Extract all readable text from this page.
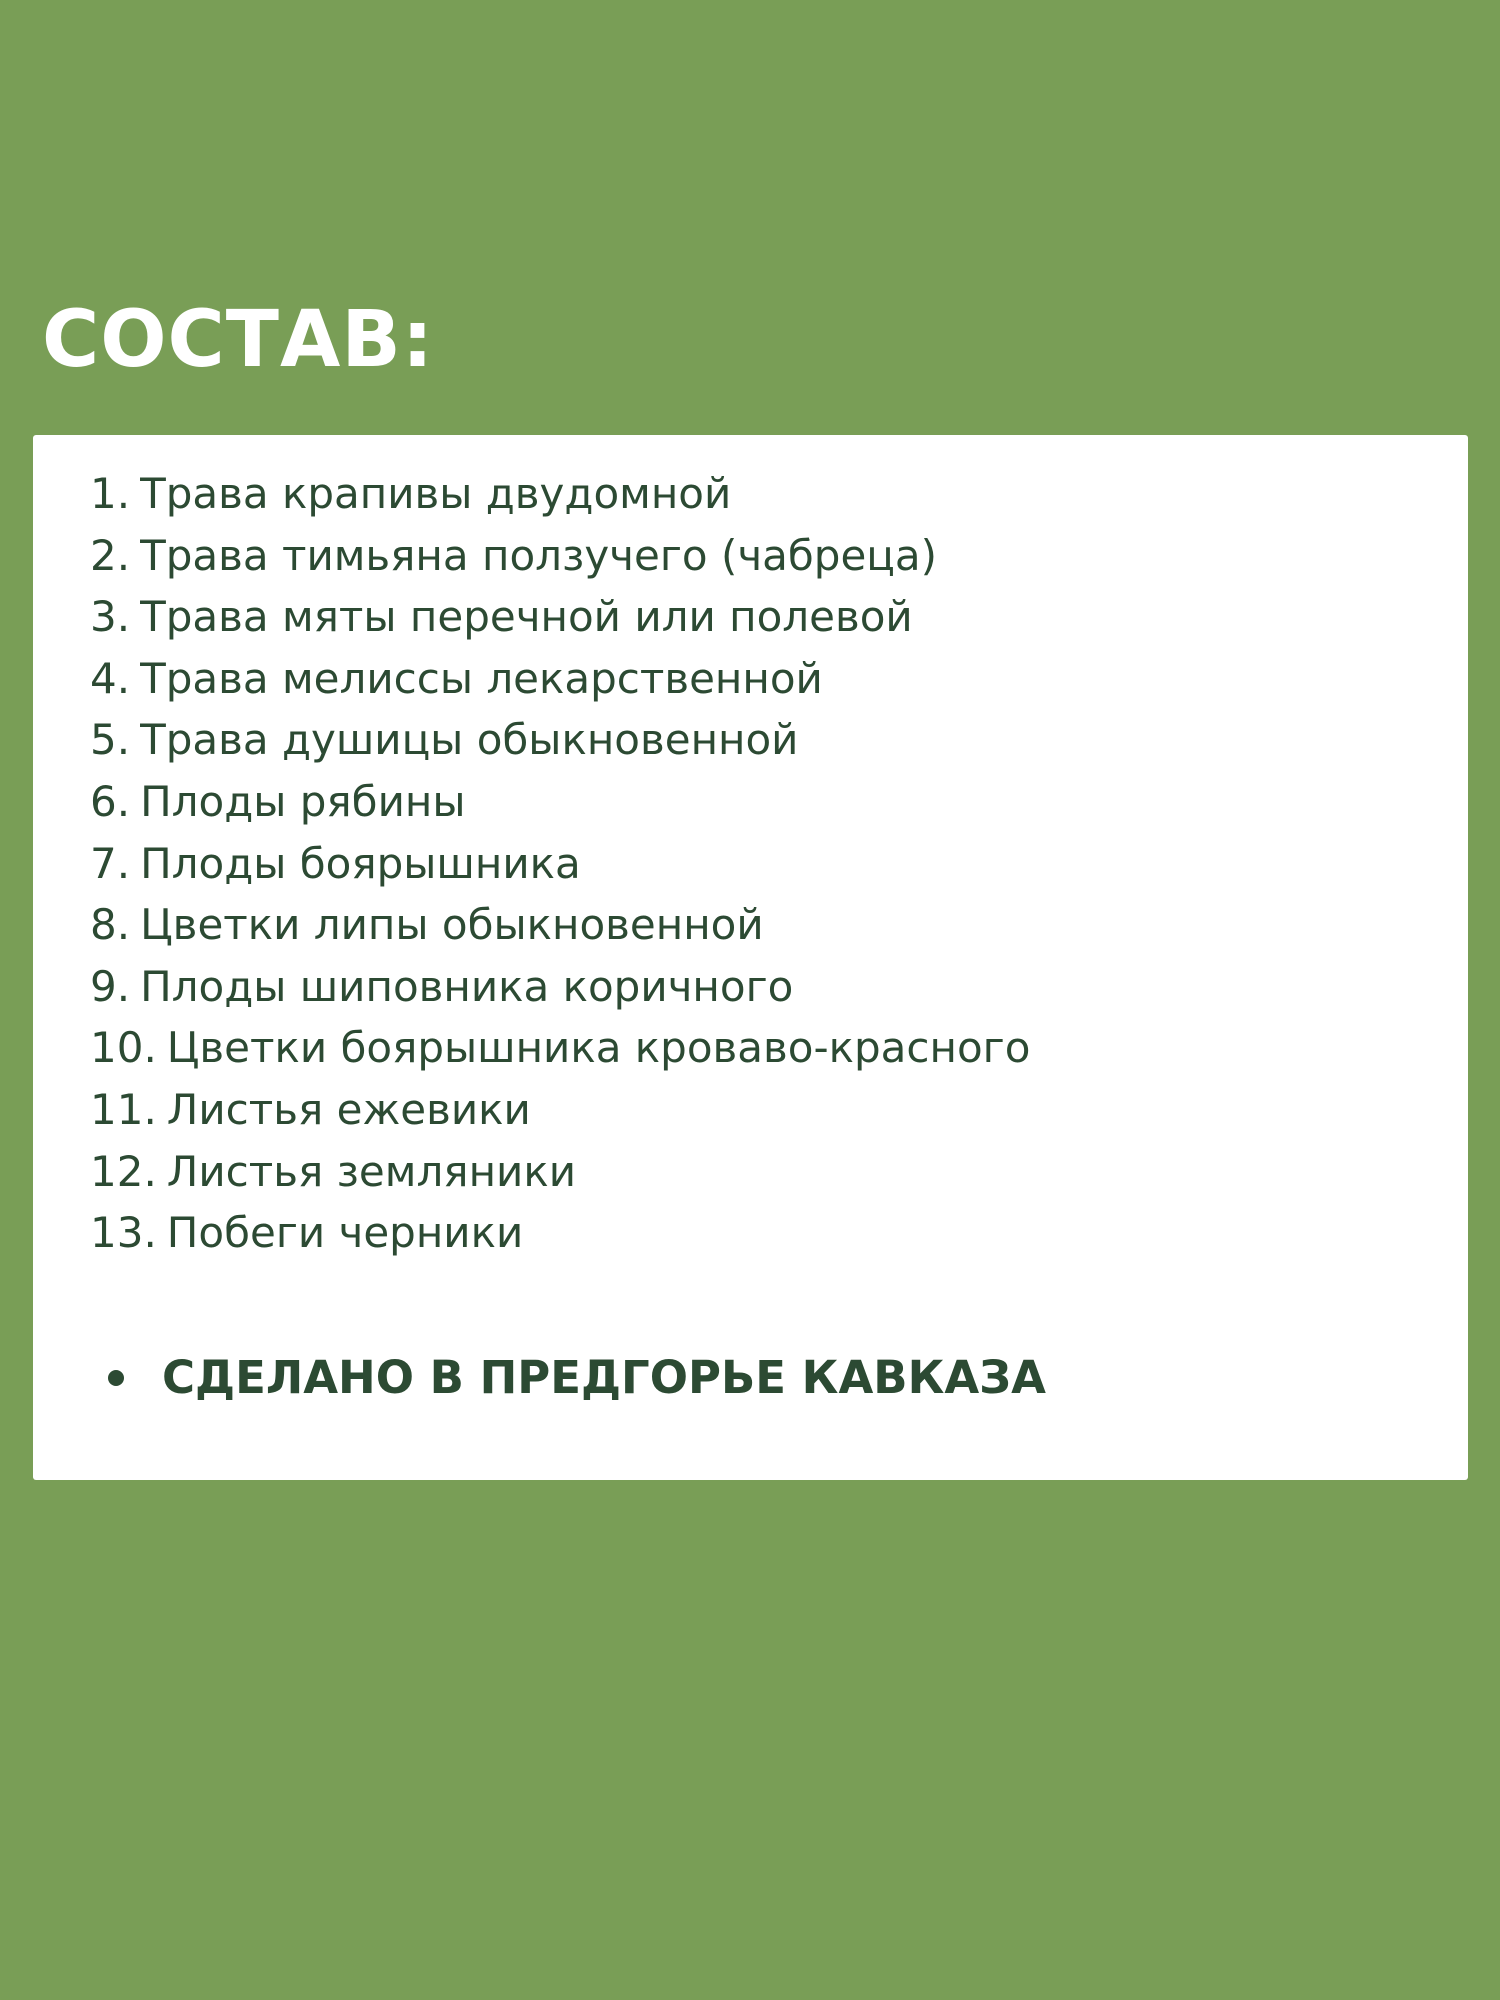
СОСТАВ:
1. Трава крапивы двудомной
2. Трава тимьяна ползучего (чабреца)
3. Трава мяты перечной или полевой
4. Трава мелиссы лекарственной
5. Трава душицы обыкновенной
6. Плоды рябины
7. Плоды боярышника
8. Цветки липы обыкновенной
9. Плоды шиповника коричного
10. Цветки боярышника кроваво-красного
11. Листья ежевики
12. Листья земляники
13. Побеги черники
СДЕЛАНО В ПРЕДГОРЬЕ КАВКАЗА
